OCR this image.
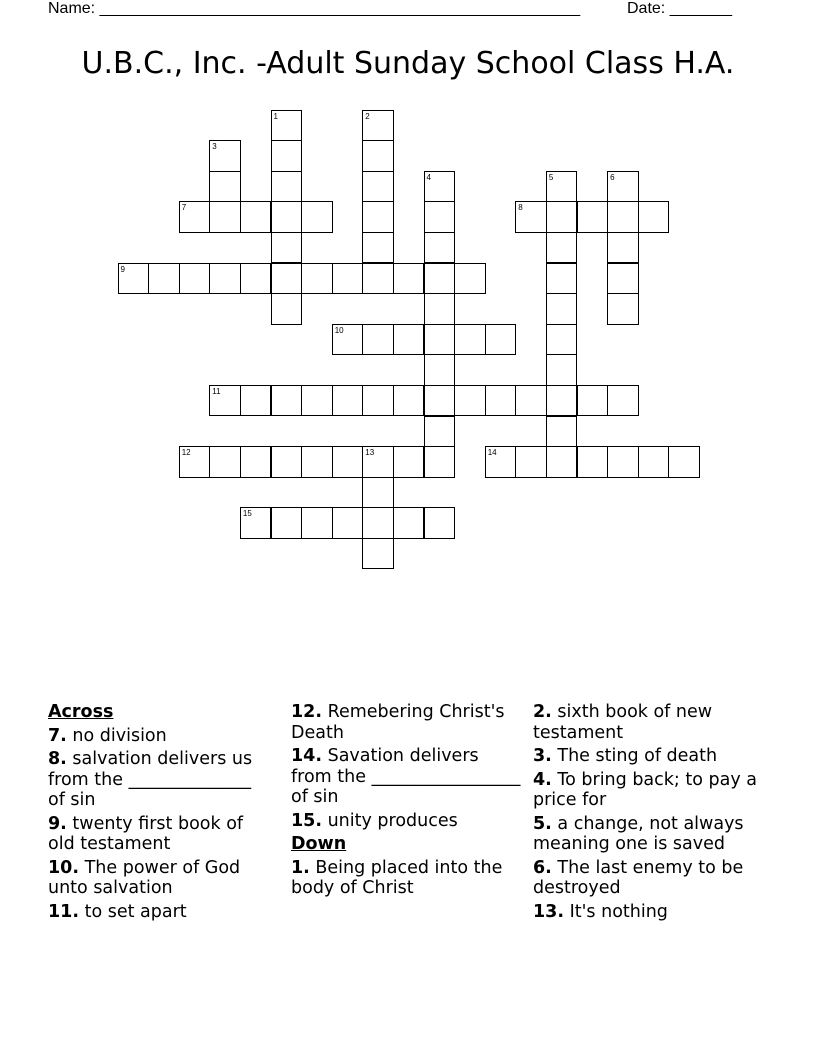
Name: ______________________________________________________	Date: _______
U.B.C., Inc. -Adult Sunday School Class H.A.
1	2
3
4	5	6
7	8
9
10
11
12	13	14
15
Across
7. no division
8. salvation delivers us from the ______________ of sin
9. twenty first book of old testament
10. The power of God unto salvation
11. to set apart
12. Remebering Christ's Death
14. Savation delivers from the _________________ of sin
15. unity produces
Down
1. Being placed into the body of Christ
2. sixth book of new testament
3. The sting of death
4. To bring back; to pay a price for
5. a change, not always meaning one is saved
6. The last enemy to be destroyed
13. It's nothing
